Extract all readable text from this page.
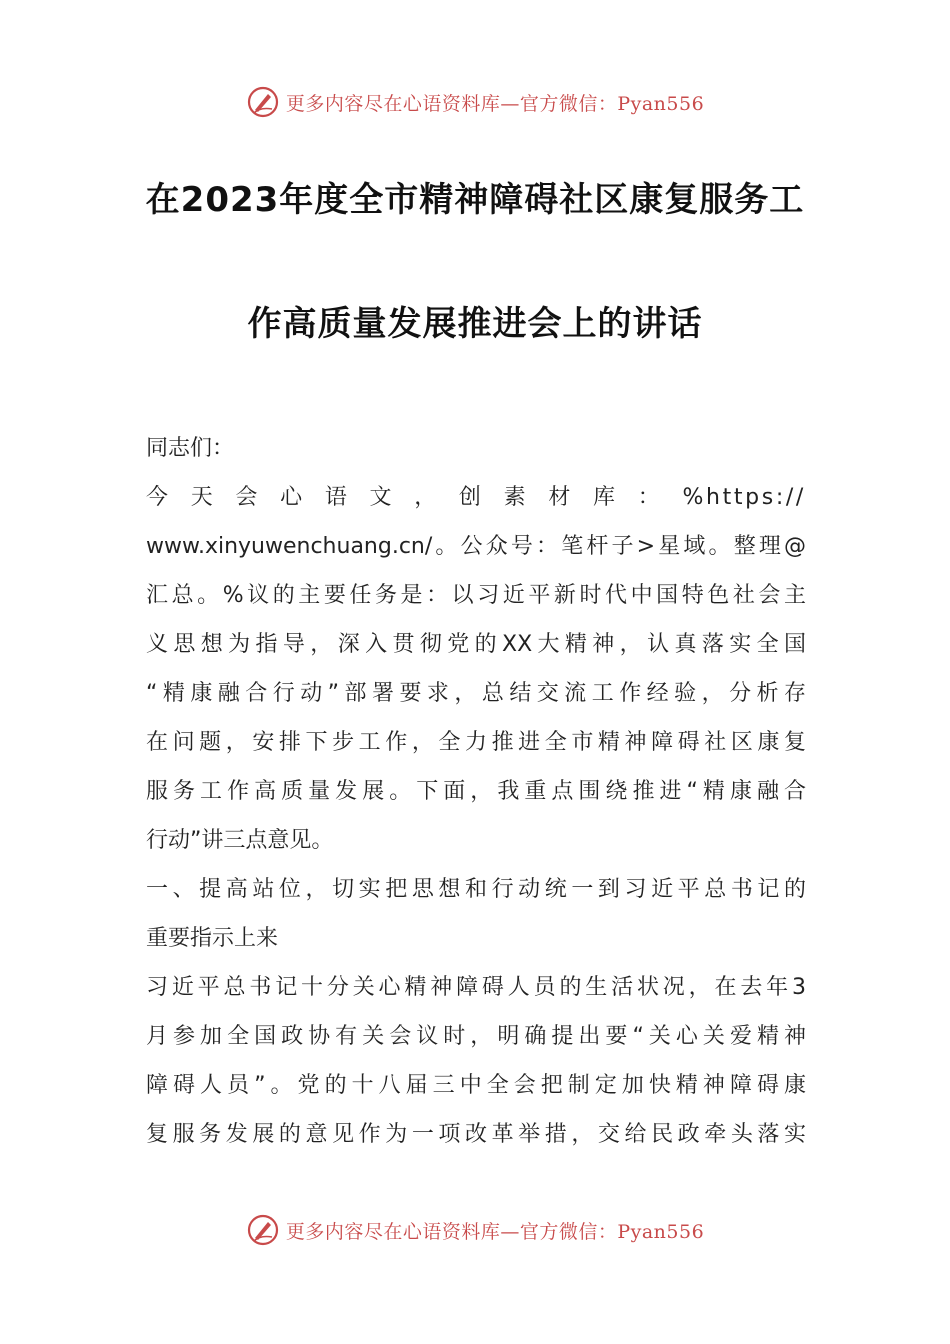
更多内容尽在心语资料库—官方微信：Pyan556
在2023年度全市精神障碍社区康复服务工
作高质量发展推进会上的讲话
同志们：
今天会心语文，创素材库：%https://
www.xinyuwenchuang.cn/。公众号：笔杆子>星域。整理@
汇总。%议的主要任务是：以习近平新时代中国特色社会主
义思想为指导，深入贯彻党的XX大精神，认真落实全国
“精康融合行动”部署要求，总结交流工作经验，分析存
在问题，安排下步工作，全力推进全市精神障碍社区康复
服务工作高质量发展。下面，我重点围绕推进“精康融合
行动”讲三点意见。
一、提高站位，切实把思想和行动统一到习近平总书记的
重要指示上来
习近平总书记十分关心精神障碍人员的生活状况，在去年3
月参加全国政协有关会议时，明确提出要“关心关爱精神
障碍人员”。党的十八届三中全会把制定加快精神障碍康
复服务发展的意见作为一项改革举措，交给民政牵头落实
更多内容尽在心语资料库—官方微信：Pyan556
